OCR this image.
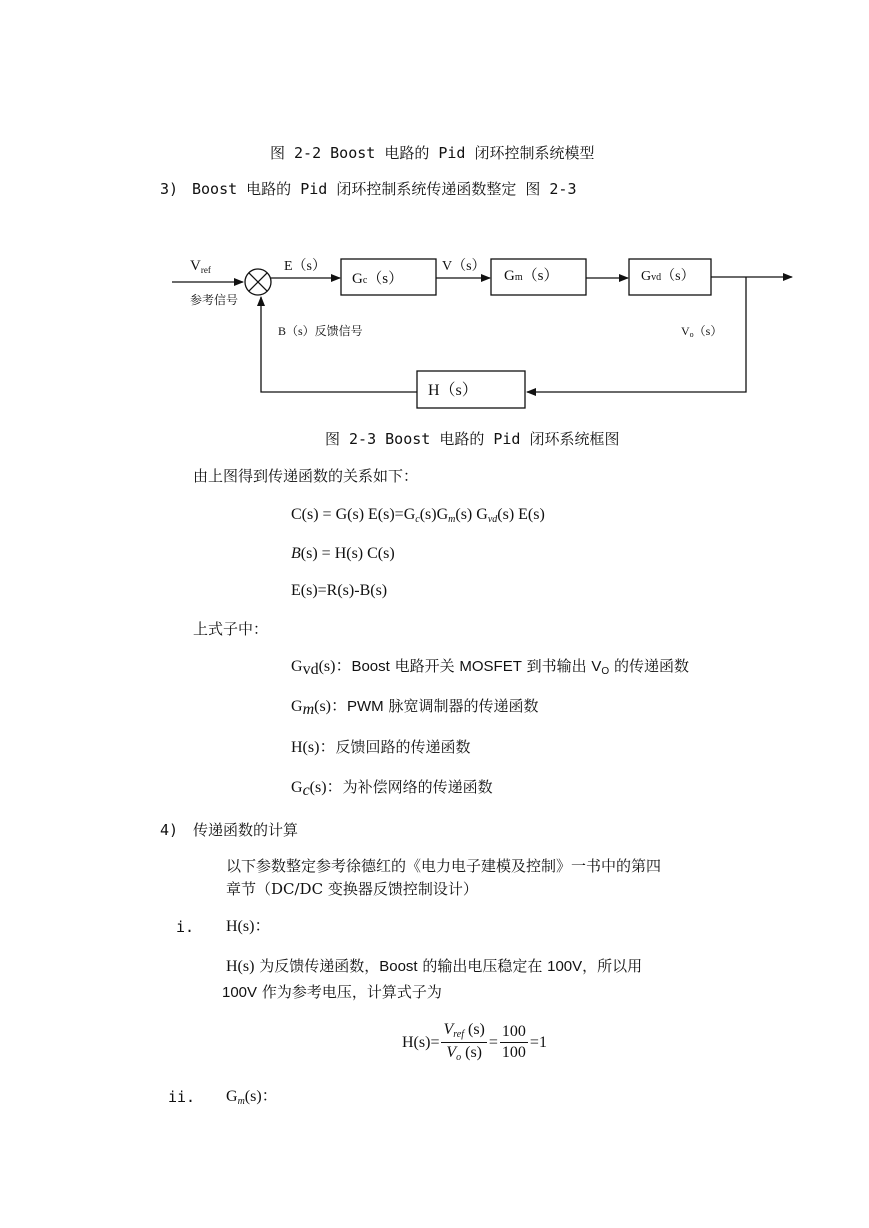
图 2-2 Boost 电路的 Pid 闭环控制系统模型
3) Boost 电路的 Pid 闭环控制系统传递函数整定 图 2-3
$V_{ref}$
参考信号
E（s）
Gc（s）
V（s）
Gm（s）	Gvd（s）
B（s）反馈信号	Vo（s）
H（s）
图 2-3 Boost 电路的 Pid 闭环系统框图
由上图得到传递函数的关系如下：
C(s) = G(s) $E(s)=G_c(s)G_m(s)$ $G_{vd}(s)$ E(s)
B(s) = H(s) C(s)
E(s)=R(s)-B(s)
上式子中：
$G_{vd}(s)$：Boost 电路开关 MOSFET 到书输出 $V_O$ 的传递函数
$G_m(s)$：PWM 脉宽调制器的传递函数
H(s)：反馈回路的传递函数
$G_c(s)$：为补偿网络的传递函数
4) 传递函数的计算
以下参数整定参考徐德红的《电力电子建模及控制》一书中的第四
章节（DC/DC 变换器反馈控制设计）
i. H(s)：
H(s) 为反馈传递函数，Boost 的输出电压稳定在 100V，所以用
100V 作为参考电压，计算式子为
$H(s)= \frac{V_{ref} (s)}{V_o (s)} = \frac{100}{100} =1$
ii. $G_m(s)$：
